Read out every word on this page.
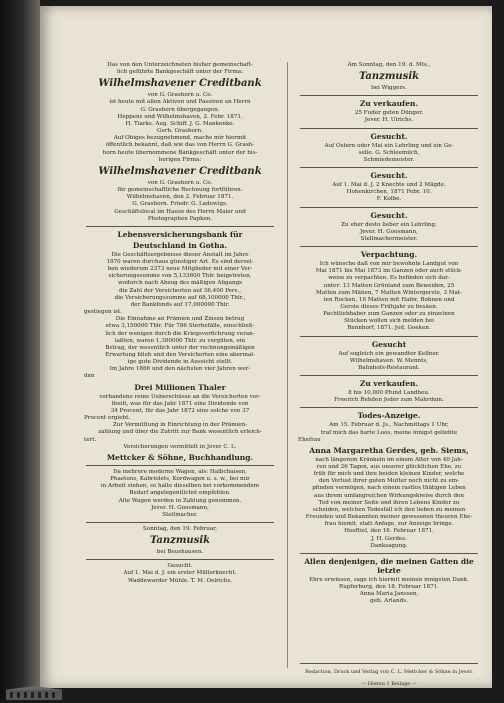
Das von den Unterzeichneten bisher gemeinschaft-

lich geführte Bankgeschäft unter der Firma:

Wilhelmshavener Creditbank

von G. Grashorn u. Co.

ist heute mit allen Aktiven und Passiven an Herrn

G. Grashorn übergegangen.

Heppens und Wilhelmshaven, 2. Febr. 1871.

H. Tiarks. Aug. Schiff. J. G. Mankenke.

Gerh. Grashorn.

Auf Obiges bezugnehmend, mache mir hiermit

öffentlich bekannt, daß wie das von Herrn G. Grash-

horn heute übernommene Bankgeschäft unter der bis-

herigen Firma:

Wilhelmshavener Creditbank

von G. Grashorn u. Co.

für gemeinschaftliche Rechnung fortführen.

Wilhelmshaven, den 2. Februar 1871.

G. Grashorn. Friedr. G. Ladewigs.

Geschäftslocal im Hause des Herrn Maler und

Photographen Papken.

Lebensversicherungsbank für

Deutschland in Gotha.

Die Geschäftsergebnisse dieser Anstalt im Jahre

1870 waren durchaus günstiger Art. Es sind dersel-

ben wiederum 2373 neue Mitglieder mit einer Ver-

sicherungssumme von 5,133600 Thlr. beigetreten,

wodurch nach Abzug des mäßigen Abgangs

die Zahl der Versicherten auf 36,400 Pers.,

die Versicherungssumme auf 68,100000 Thlr.,

der Bankfonds auf 17,000000 Thlr.

gestiegen ist.

Die Einnahme an Prämien und Zinsen betrug

etwa 3,150000 Thlr. Für 786 Sterbefälle, einschließ-

lich der wenigen durch die Kriegsverfichrung veran-

laßten, waren 1,380000 Thlr. zu vergüten, ein

Betrag, der wesentlich unter der rechnungsmäßigen

Erwartung blieb und den Versicherten eine abermal-

ige gute Dividende in Aussicht stellt.

Im Jahre 1866 und den nächsten vier Jahren wer-

den

Drei Millionen Thaler

vorhandene reine Ueberschüsse an die Versicherten ver-

theilt, was für das Jahr 1871 eine Dividende von

34 Procent, für das Jahr 1872 eine solche von 37

Procent ergiebt.

Zur Vermittlung in Einrichtung in der Prämien-

zahlung und über die Zutritt zur Bank wesentlich erleich-

tert.

Versicherungen vermittelt in Jever C. L.

Mettcker & Söhne, Buchhandlung.

Da mehrere moderne Wagen, als: Halbchaisen,

Phaetons, Kabriolets, Kordwagen u. s. w., bei mir

in Arbeit stehen, so halte dieselben bei vorkommendem

Bedarf angelegentlichst empfohlen.

Alte Wagen werden in Zahlung genommen.

Jever. H. Goosmann,

Stellmacher.

Sonntag, den 19. Februar,

Tanzmusik

bei Beushausen.

Gesucht.

Auf 1. Mai d. J. ein erster Müllerknecht.

Waddewarder Mühle. T. M. Oelrichs.

Am Sonntag, den 19. d. Mts.,

Tanzmusik

bei Wiggers.

Zu verkaufen.

25 Fuder guten Dünger.

Jever. H. Ulrichs.

Gesucht.

Auf Ostern oder Mai ein Lehrling und ein Ge-

selle. G. Schleemilch,

Schmiedemeister.

Gesucht.

Auf 1. Mai d. J. 2 Knechte und 2 Mägde.

Hohenkirchen, 1871 Febr. 10.

F. Kolbe.

Gesucht.

Zu eher desto lieber ein Lehrling.

Jever. H. Goosmann,

Stellmachermeister.

Verpachtung.

Ich wünsche daß von mir bewohnte Landgut von

Mai 1871 bis Mai 1873 im Ganzen oder auch stück-

weise zu verpachten. Es befinden sich dar-

unter: 13 Matten Grünland zum Beweiden, 25

Matten zum Mähen, 7 Matten Wintergerste, 3 Mat-

ten Rocken, 16 Matten mit Hafer, Bohnen und

Gerste dieses Frühjahr zu besäen.

Pachtliebhaber zum Ganzen oder zu einzelnen

Stücken wollen sich melden bei

Rennhorf, 1871. Jod. Goeken.

Gesucht

Auf sogleich ein gewandter Kellner.

Wilhelmshaven. W. Mennts,

Bahnhofs-Restaurant.

Zu verkaufen.

8 bis 10,000 Pfund Landheu.

Freerich Rehden Jeder zum Mahrdum.

Todes-Anzeige.

Am 15. Februar d. Js., Nachmittags 1 Uhr,

traf mich das harte Loos, meine innigst geliebte

Ehefrau

Anna Margaretha Gerdes, geb. Siems,

nach längerem Kränkeln im einem Alter von 40 Jah-

ren und 26 Tagen, aus unserer glücklichen Ehe, zu

früh für mich und ihre beiden kleinen Kinder, welche

den Verlust ihrer guten Mutter noch nicht zu em-

pfinden vermögen, nach einem rastlos thätigen Leben

aus ihrem umfangreichen Wirkungskreise durch den

Tod von meiner Seite und ihren Lebens Kinder zu

scheiden, welchen Todesfall ich den lieben zu meinen

Freunden und Bekannten meiner gewesenen theuren Ehe-

frau hiemit, statt Anfage, zur Anzeige bringe.

Hooftiel, den 16. Februar 1871.

J. H. Gerdes.

Danksagung.

Allen denjenigen, die meinen Gatten die letzte

Ehre erwiesen, sage ich hiermit meinen innigsten Dank.

Rupferburg, den 18. Februar 1871.

Anna Maria Janssen,

geb. Arlands.

Redaction, Druck und Verlag von C. L. Mettcker & Söhne in Jever.

— Hierzu 1 Beilage —
